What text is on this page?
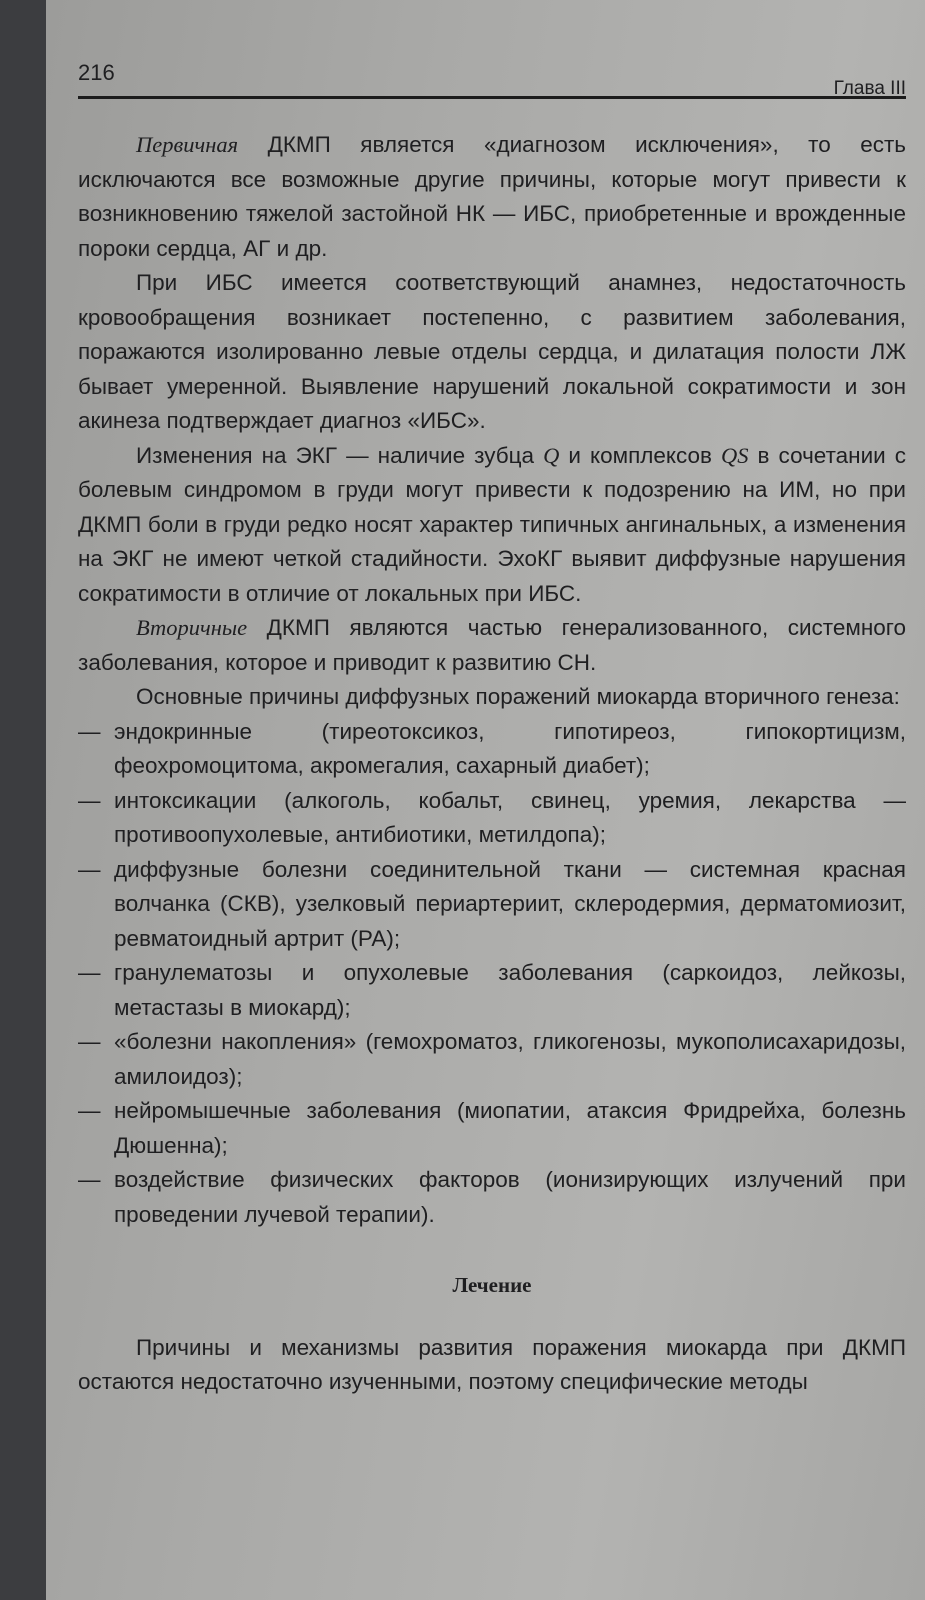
216
Глава III

Первичная ДКМП является «диагнозом исключения», то есть исключаются все возможные другие причины, которые могут привести к возникновению тяжелой застойной НК — ИБС, приобретенные и врожденные пороки сердца, АГ и др.

При ИБС имеется соответствующий анамнез, недостаточность кровообращения возникает постепенно, с развитием заболевания, поражаются изолированно левые отделы сердца, и дилатация полости ЛЖ бывает умеренной. Выявление нарушений локальной сократимости и зон акинеза подтверждает диагноз «ИБС».

Изменения на ЭКГ — наличие зубца Q и комплексов QS в сочетании с болевым синдромом в груди могут привести к подозрению на ИМ, но при ДКМП боли в груди редко носят характер типичных ангинальных, а изменения на ЭКГ не имеют четкой стадийности. ЭхоКГ выявит диффузные нарушения сократимости в отличие от локальных при ИБС.

Вторичные ДКМП являются частью генерализованного, системного заболевания, которое и приводит к развитию СН.

Основные причины диффузных поражений миокарда вторичного генеза:

— эндокринные (тиреотоксикоз, гипотиреоз, гипокортицизм, феохромоцитома, акромегалия, сахарный диабет);
— интоксикации (алкоголь, кобальт, свинец, уремия, лекарства — противоопухолевые, антибиотики, метилдопа);
— диффузные болезни соединительной ткани — системная красная волчанка (СКВ), узелковый периартериит, склеродермия, дерматомиозит, ревматоидный артрит (РА);
— гранулематозы и опухолевые заболевания (саркоидоз, лейкозы, метастазы в миокард);
— «болезни накопления» (гемохроматоз, гликогенозы, мукополисахаридозы, амилоидоз);
— нейромышечные заболевания (миопатии, атаксия Фридрейха, болезнь Дюшенна);
— воздействие физических факторов (ионизирующих излучений при проведении лучевой терапии).
Лечение

Причины и механизмы развития поражения миокарда при ДКМП остаются недостаточно изученными, поэтому специфические методы
